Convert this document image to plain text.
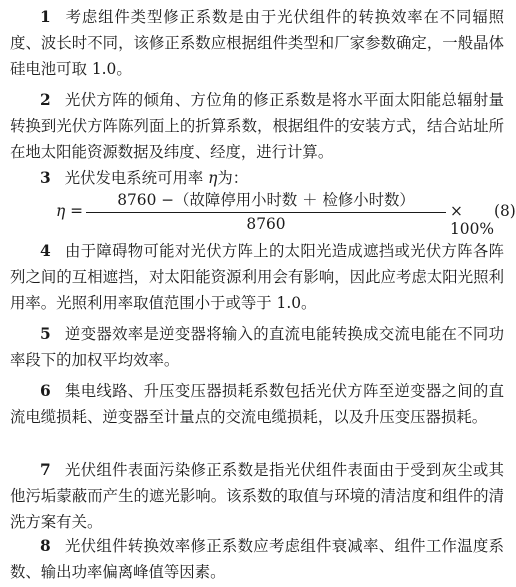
1 考虑组件类型修正系数是由于光伏组件的转换效率在不同辐照度、波长时不同，该修正系数应根据组件类型和厂家参数确定，一般晶体硅电池可取 1.0。

2 光伏方阵的倾角、方位角的修正系数是将水平面太阳能总辐射量转换到光伏方阵陈列面上的折算系数，根据组件的安装方式，结合站址所在地太阳能资源数据及纬度、经度，进行计算。

3 光伏发电系统可用率 η为：
η =
8760 −（故障停用小时数 ＋ 检修小时数）
8760
× 100%
(8)

4 由于障碍物可能对光伏方阵上的太阳光造成遮挡或光伏方阵各阵列之间的互相遮挡，对太阳能资源利用会有影响，因此应考虑太阳光照利用率。光照利用率取值范围小于或等于 1.0。

5 逆变器效率是逆变器将输入的直流电能转换成交流电能在不同功率段下的加权平均效率。

6 集电线路、升压变压器损耗系数包括光伏方阵至逆变器之间的直流电缆损耗、逆变器至计量点的交流电缆损耗，以及升压变压器损耗。

7 光伏组件表面污染修正系数是指光伏组件表面由于受到灰尘或其他污垢蒙蔽而产生的遮光影响。该系数的取值与环境的清洁度和组件的清洗方案有关。

8 光伏组件转换效率修正系数应考虑组件衰减率、组件工作温度系数、输出功率偏离峰值等因素。
